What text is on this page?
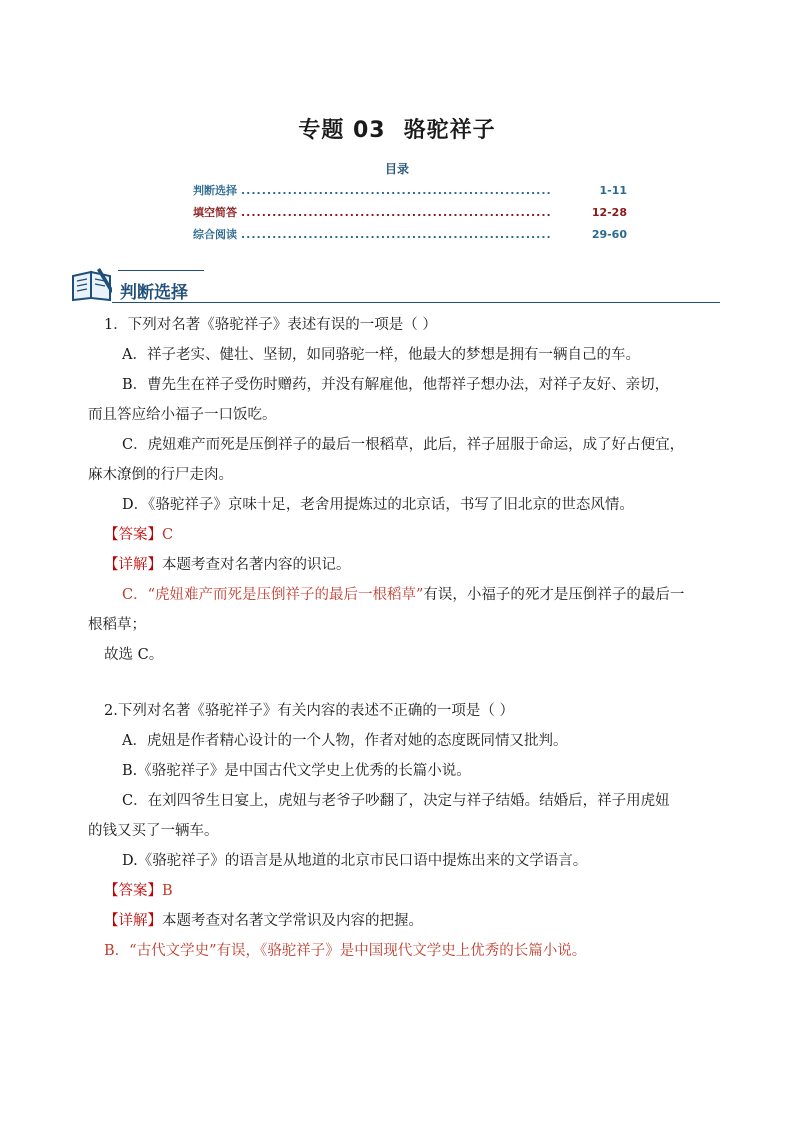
专题 03 骆驼祥子
目录
判断选择 ............................................................	1-11
填空简答 ............................................................	12-28
综合阅读 ............................................................	29-60
判断选择

1．下列对名著《骆驼祥子》表述有误的一项是（ ）

A．祥子老实、健壮、坚韧，如同骆驼一样，他最大的梦想是拥有一辆自己的车。

B．曹先生在祥子受伤时赠药，并没有解雇他，他帮祥子想办法，对祥子友好、亲切，

而且答应给小福子一口饭吃。

C．虎妞难产而死是压倒祥子的最后一根稻草，此后，祥子屈服于命运，成了好占便宜，

麻木潦倒的行尸走肉。

D．《骆驼祥子》京味十足，老舍用提炼过的北京话，书写了旧北京的世态风情。

【答案】C

【详解】本题考查对名著内容的识记。

C．“虎妞难产而死是压倒祥子的最后一根稻草”有误，小福子的死才是压倒祥子的最后一

根稻草；

故选 C。

2.下列对名著《骆驼祥子》有关内容的表述不正确的一项是（ ）

A．虎妞是作者精心设计的一个人物，作者对她的态度既同情又批判。

B.《骆驼祥子》是中国古代文学史上优秀的长篇小说。

C．在刘四爷生日宴上，虎妞与老爷子吵翻了，决定与祥子结婚。结婚后，祥子用虎妞

的钱又买了一辆车。

D.《骆驼祥子》的语言是从地道的北京市民口语中提炼出来的文学语言。

【答案】B

【详解】本题考查对名著文学常识及内容的把握。

B．“古代文学史”有误，《骆驼祥子》是中国现代文学史上优秀的长篇小说。
